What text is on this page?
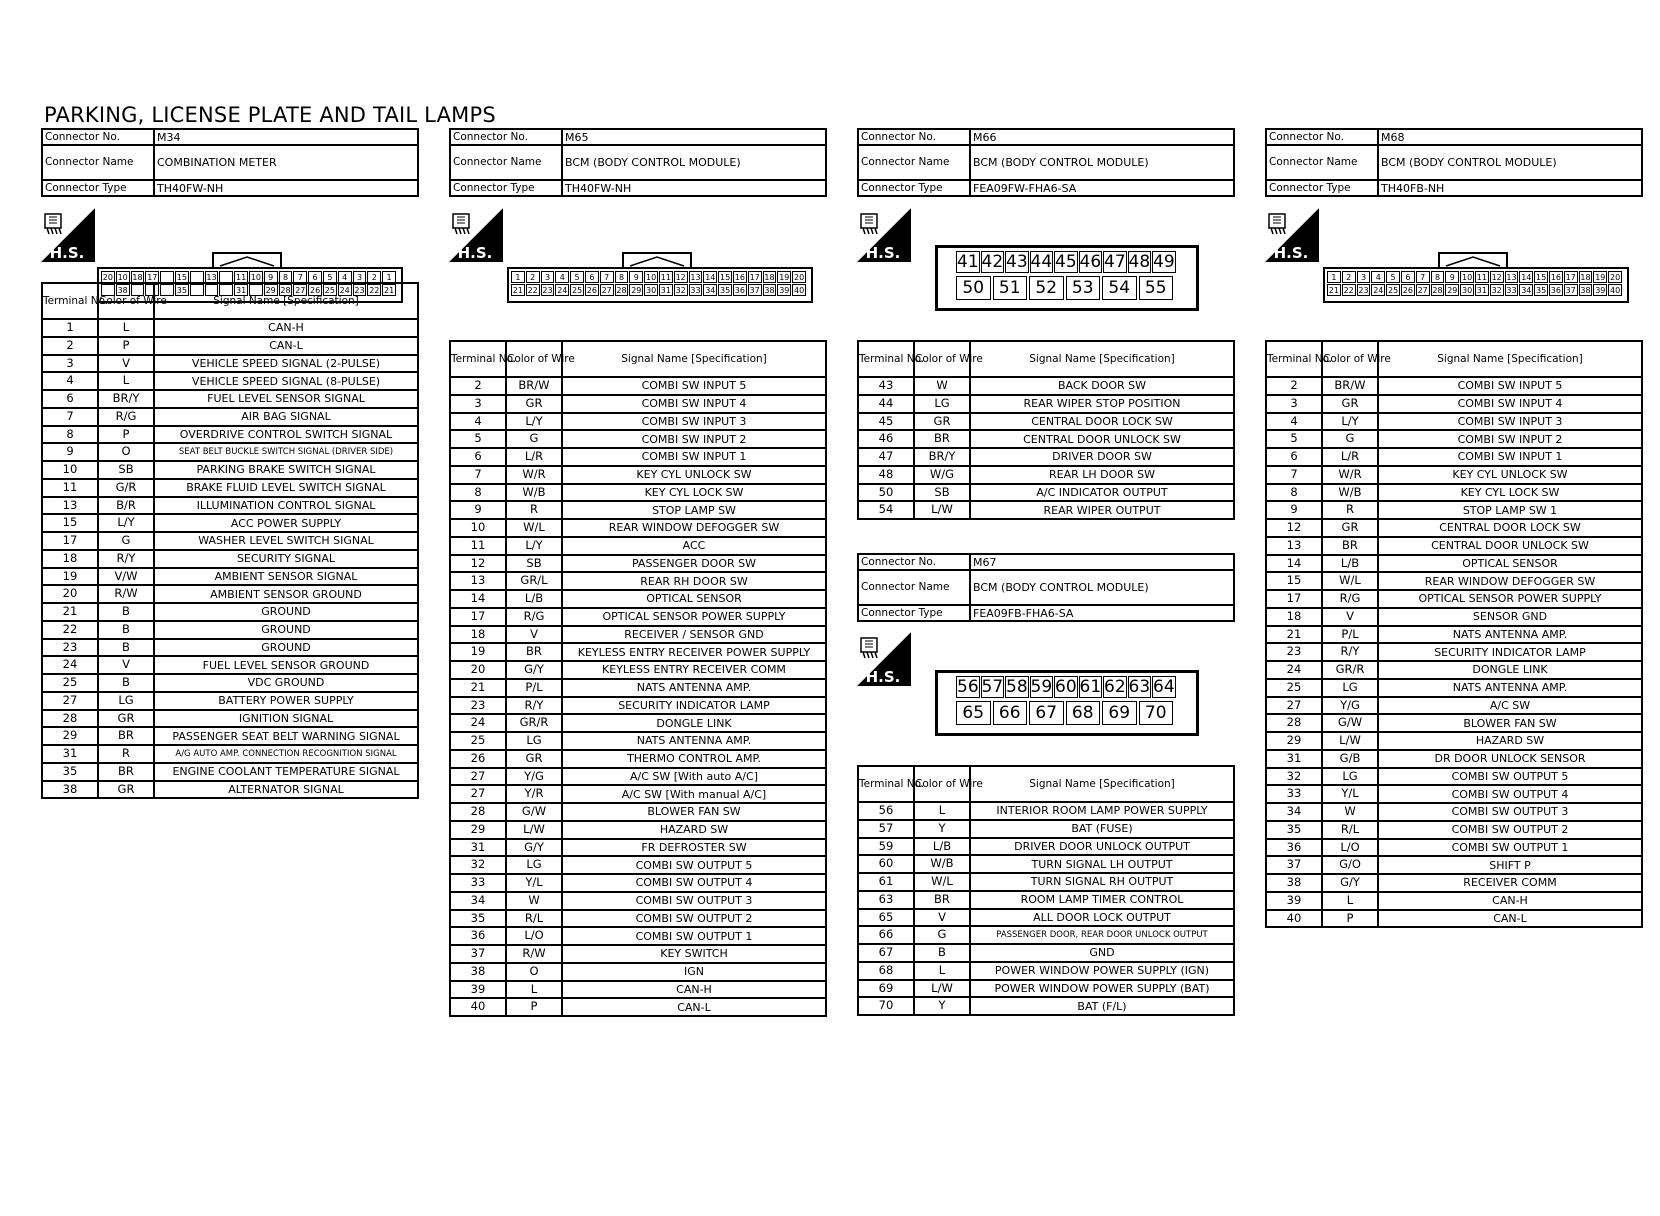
PARKING, LICENSE PLATE AND TAIL LAMPS
Connector No.	M34
Connector Name	COMBINATION METER
Connector Type	TH40FW-NH
H.S.
20 10 18 17 15 13 11 10 9	8	7	6	5	4	3	2	1
38	35	31 29 28 27 26 25 24 23 22 21
Terminal No.	Color of Wire	Signal Name [Specification]
1	L	CAN-H
2	P	CAN-L
3	V	VEHICLE SPEED SIGNAL (2-PULSE)
4	L	VEHICLE SPEED SIGNAL (8-PULSE)
6	BR/Y	FUEL LEVEL SENSOR SIGNAL
7	R/G	AIR BAG SIGNAL
8	P	OVERDRIVE CONTROL SWITCH SIGNAL
9	O	SEAT BELT BUCKLE SWITCH SIGNAL (DRIVER SIDE)
10	SB	PARKING BRAKE SWITCH SIGNAL
11	G/R	BRAKE FLUID LEVEL SWITCH SIGNAL
13	B/R	ILLUMINATION CONTROL SIGNAL
15	L/Y	ACC POWER SUPPLY
17	G	WASHER LEVEL SWITCH SIGNAL
18	R/Y	SECURITY SIGNAL
19	V/W	AMBIENT SENSOR SIGNAL
20	R/W	AMBIENT SENSOR GROUND
21	B	GROUND
22	B	GROUND
23	B	GROUND
24	V	FUEL LEVEL SENSOR GROUND
25	B	VDC GROUND
27	LG	BATTERY POWER SUPPLY
28	GR	IGNITION SIGNAL
29	BR	PASSENGER SEAT BELT WARNING SIGNAL
31	R	A/G AUTO AMP. CONNECTION RECOGNITION SIGNAL
35	BR	ENGINE COOLANT TEMPERATURE SIGNAL
38	GR	ALTERNATOR SIGNAL
Connector No.	M65
Connector Name	BCM (BODY CONTROL MODULE)
Connector Type	TH40FW-NH
H.S.
1	2	3	4	5	6	7	8	9 10 11 12 13 14 15 16 17 18 19 20
21 22 23 24 25 26 27 28 29 30 31 32 33 34 35 36 37 38 39 40
Terminal No.	Color of Wire	Signal Name [Specification]
2	BR/W	COMBI SW INPUT 5
3	GR	COMBI SW INPUT 4
4	L/Y	COMBI SW INPUT 3
5	G	COMBI SW INPUT 2
6	L/R	COMBI SW INPUT 1
7	W/R	KEY CYL UNLOCK SW
8	W/B	KEY CYL LOCK SW
9	R	STOP LAMP SW
10	W/L	REAR WINDOW DEFOGGER SW
11	L/Y	ACC
12	SB	PASSENGER DOOR SW
13	GR/L	REAR RH DOOR SW
14	L/B	OPTICAL SENSOR
17	R/G	OPTICAL SENSOR POWER SUPPLY
18	V	RECEIVER / SENSOR GND
19	BR	KEYLESS ENTRY RECEIVER POWER SUPPLY
20	G/Y	KEYLESS ENTRY RECEIVER COMM
21	P/L	NATS ANTENNA AMP.
23	R/Y	SECURITY INDICATOR LAMP
24	GR/R	DONGLE LINK
25	LG	NATS ANTENNA AMP.
26	GR	THERMO CONTROL AMP.
27	Y/G	A/C SW [With auto A/C]
27	Y/R	A/C SW [With manual A/C]
28	G/W	BLOWER FAN SW
29	L/W	HAZARD SW
31	G/Y	FR DEFROSTER SW
32	LG	COMBI SW OUTPUT 5
33	Y/L	COMBI SW OUTPUT 4
34	W	COMBI SW OUTPUT 3
35	R/L	COMBI SW OUTPUT 2
36	L/O	COMBI SW OUTPUT 1
37	R/W	KEY SWITCH
38	O	IGN
39	L	CAN-H
40	P	CAN-L
Connector No.	M66
Connector Name	BCM (BODY CONTROL MODULE)
Connector Type	FEA09FW-FHA6-SA
H.S.	41 42 43 44 45 46 47 48 49
50 51 52 53 54 55
Terminal No.	Color of Wire	Signal Name [Specification]
43	W	BACK DOOR SW
44	LG	REAR WIPER STOP POSITION
45	GR	CENTRAL DOOR LOCK SW
46	BR	CENTRAL DOOR UNLOCK SW
47	BR/Y	DRIVER DOOR SW
48	W/G	REAR LH DOOR SW
50	SB	A/C INDICATOR OUTPUT
54	L/W	REAR WIPER OUTPUT
Connector No.	M67
Connector Name	BCM (BODY CONTROL MODULE)
Connector Type	FEA09FB-FHA6-SA
H.S.	56 57 58 59 60 61 62 63 64
65 66 67 68 69 70
Terminal No.	Color of Wire	Signal Name [Specification]
56	L	INTERIOR ROOM LAMP POWER SUPPLY
57	Y	BAT (FUSE)
59	L/B	DRIVER DOOR UNLOCK OUTPUT
60	W/B	TURN SIGNAL LH OUTPUT
61	W/L	TURN SIGNAL RH OUTPUT
63	BR	ROOM LAMP TIMER CONTROL
65	V	ALL DOOR LOCK OUTPUT
66	G	PASSENGER DOOR, REAR DOOR UNLOCK OUTPUT
67	B	GND
68	L	POWER WINDOW POWER SUPPLY (IGN)
69	L/W	POWER WINDOW POWER SUPPLY (BAT)
70	Y	BAT (F/L)
Connector No.	M68
Connector Name	BCM (BODY CONTROL MODULE)
Connector Type	TH40FB-NH
H.S.
1	2	3	4	5	6	7	8	9 10 11 12 13 14 15 16 17 18 19 20
21 22 23 24 25 26 27 28 29 30 31 32 33 34 35 36 37 38 39 40
Terminal No.	Color of Wire	Signal Name [Specification]
2	BR/W	COMBI SW INPUT 5
3	GR	COMBI SW INPUT 4
4	L/Y	COMBI SW INPUT 3
5	G	COMBI SW INPUT 2
6	L/R	COMBI SW INPUT 1
7	W/R	KEY CYL UNLOCK SW
8	W/B	KEY CYL LOCK SW
9	R	STOP LAMP SW 1
12	GR	CENTRAL DOOR LOCK SW
13	BR	CENTRAL DOOR UNLOCK SW
14	L/B	OPTICAL SENSOR
15	W/L	REAR WINDOW DEFOGGER SW
17	R/G	OPTICAL SENSOR POWER SUPPLY
18	V	SENSOR GND
21	P/L	NATS ANTENNA AMP.
23	R/Y	SECURITY INDICATOR LAMP
24	GR/R	DONGLE LINK
25	LG	NATS ANTENNA AMP.
27	Y/G	A/C SW
28	G/W	BLOWER FAN SW
29	L/W	HAZARD SW
31	G/B	DR DOOR UNLOCK SENSOR
32	LG	COMBI SW OUTPUT 5
33	Y/L	COMBI SW OUTPUT 4
34	W	COMBI SW OUTPUT 3
35	R/L	COMBI SW OUTPUT 2
36	L/O	COMBI SW OUTPUT 1
37	G/O	SHIFT P
38	G/Y	RECEIVER COMM
39	L	CAN-H
40	P	CAN-L
